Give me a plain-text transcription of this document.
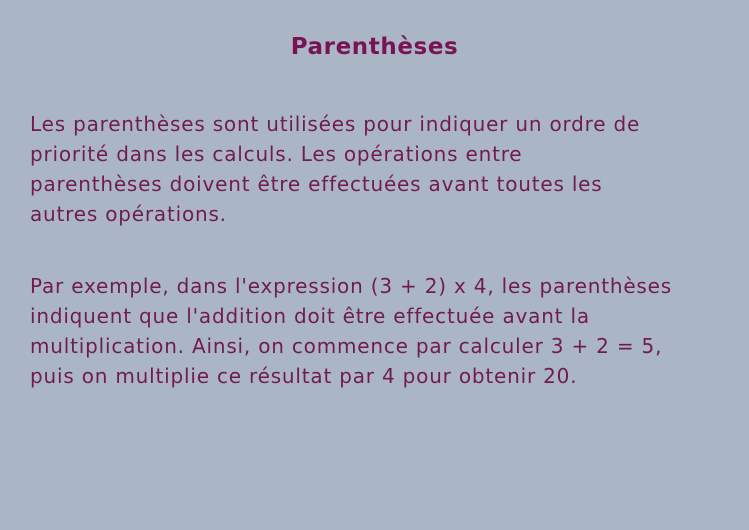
Parenthèses
Les parenthèses sont utilisées pour indiquer un ordre de
priorité dans les calculs. Les opérations entre
parenthèses doivent être effectuées avant toutes les
autres opérations.
Par exemple, dans l'expression (3 + 2) x 4, les parenthèses
indiquent que l'addition doit être effectuée avant la
multiplication. Ainsi, on commence par calculer 3 + 2 = 5,
puis on multiplie ce résultat par 4 pour obtenir 20.
